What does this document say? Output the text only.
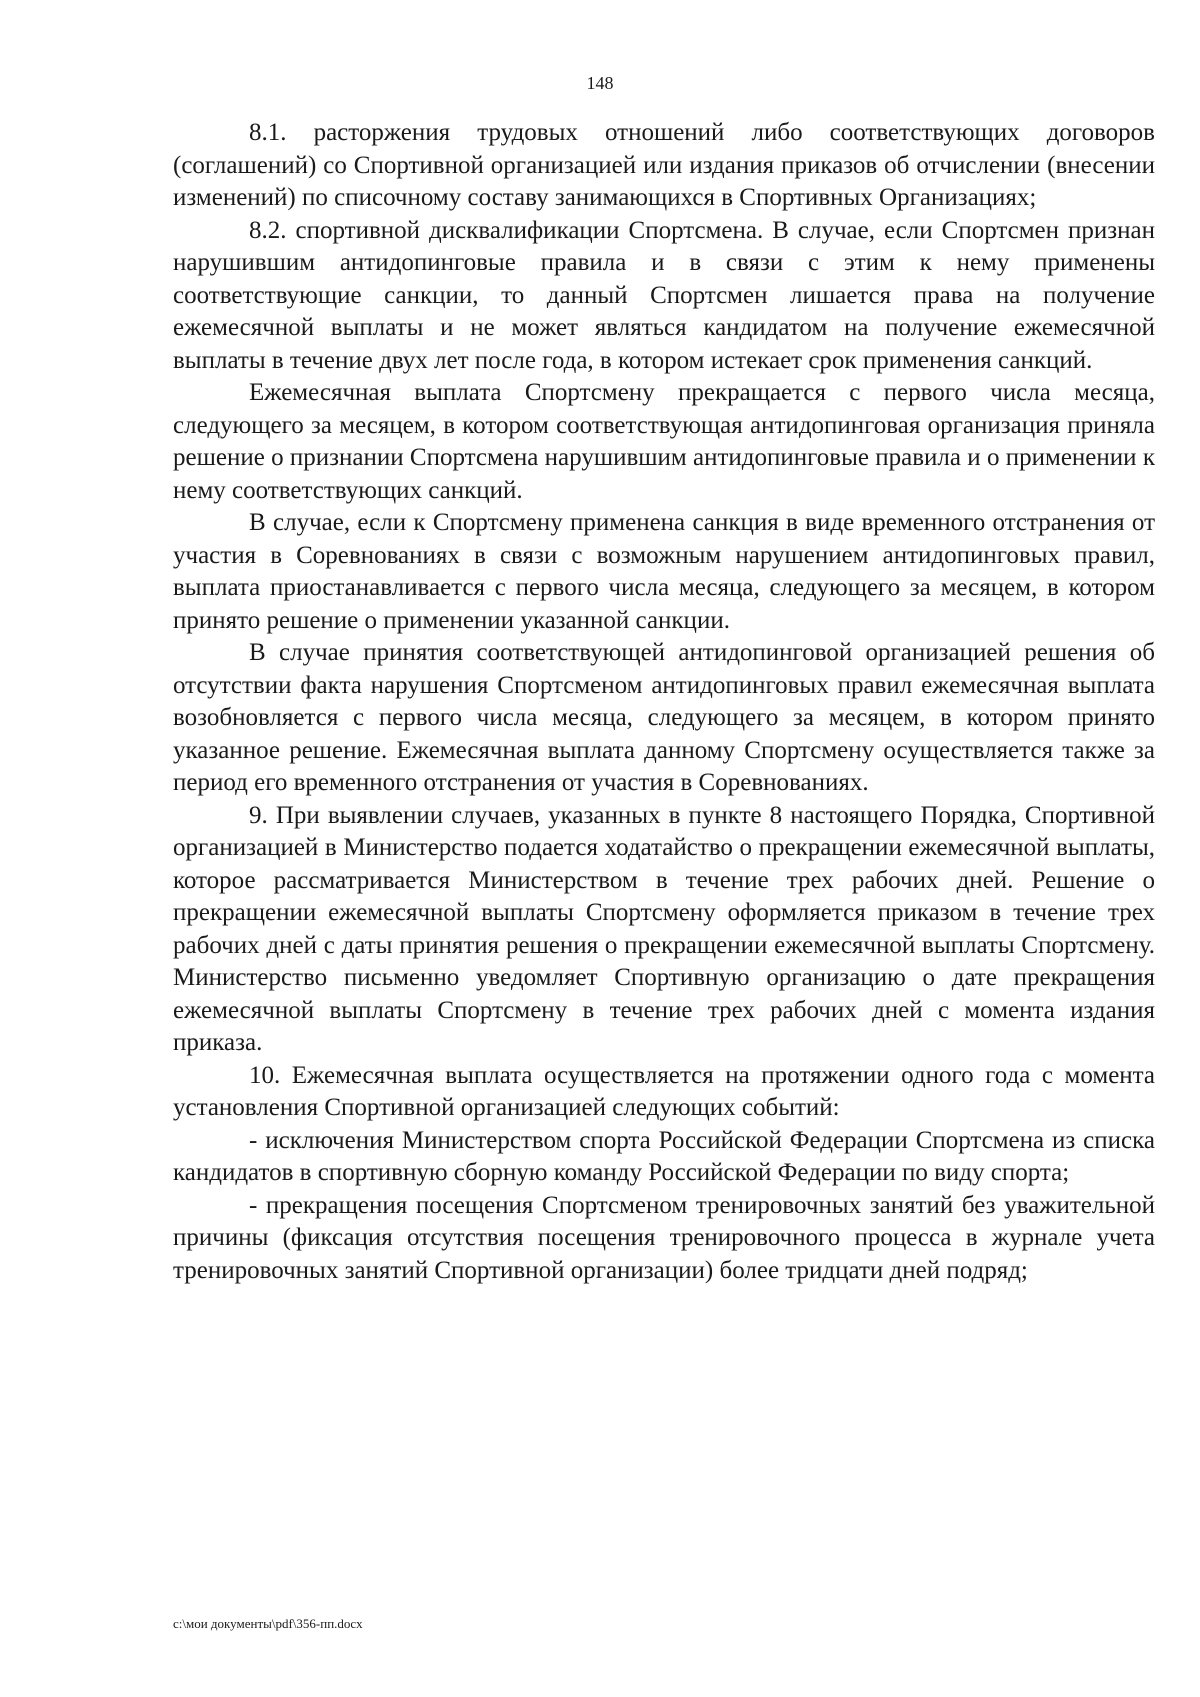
148

8.1. расторжения трудовых отношений либо соответствующих договоров (соглашений) со Спортивной организацией или издания приказов об отчислении (внесении изменений) по списочному составу занимающихся в Спортивных Организациях;

8.2. спортивной дисквалификации Спортсмена. В случае, если Спортсмен признан нарушившим антидопинговые правила и в связи с этим к нему применены соответствующие санкции, то данный Спортсмен лишается права на получение ежемесячной выплаты и не может являться кандидатом на получение ежемесячной выплаты в течение двух лет после года, в котором истекает срок применения санкций.

Ежемесячная выплата Спортсмену прекращается с первого числа месяца, следующего за месяцем, в котором соответствующая антидопинговая организация приняла решение о признании Спортсмена нарушившим антидопинговые правила и о применении к нему соответствующих санкций.

В случае, если к Спортсмену применена санкция в виде временного отстранения от участия в Соревнованиях в связи с возможным нарушением антидопинговых правил, выплата приостанавливается с первого числа месяца, следующего за месяцем, в котором принято решение о применении указанной санкции.

В случае принятия соответствующей антидопинговой организацией решения об отсутствии факта нарушения Спортсменом антидопинговых правил ежемесячная выплата возобновляется с первого числа месяца, следующего за месяцем, в котором принято указанное решение. Ежемесячная выплата данному Спортсмену осуществляется также за период его временного отстранения от участия в Соревнованиях.

9. При выявлении случаев, указанных в пункте 8 настоящего Порядка, Спортивной организацией в Министерство подается ходатайство о прекращении ежемесячной выплаты, которое рассматривается Министерством в течение трех рабочих дней. Решение о прекращении ежемесячной выплаты Спортсмену оформляется приказом в течение трех рабочих дней с даты принятия решения о прекращении ежемесячной выплаты Спортсмену. Министерство письменно уведомляет Спортивную организацию о дате прекращения ежемесячной выплаты Спортсмену в течение трех рабочих дней с момента издания приказа.

10. Ежемесячная выплата осуществляется на протяжении одного года с момента установления Спортивной организацией следующих событий:

- исключения Министерством спорта Российской Федерации Спортсмена из списка кандидатов в спортивную сборную команду Российской Федерации по виду спорта;

- прекращения посещения Спортсменом тренировочных занятий без уважительной причины (фиксация отсутствия посещения тренировочного процесса в журнале учета тренировочных занятий Спортивной организации) более тридцати дней подряд;

c:\мои документы\pdf\356-пп.docx
